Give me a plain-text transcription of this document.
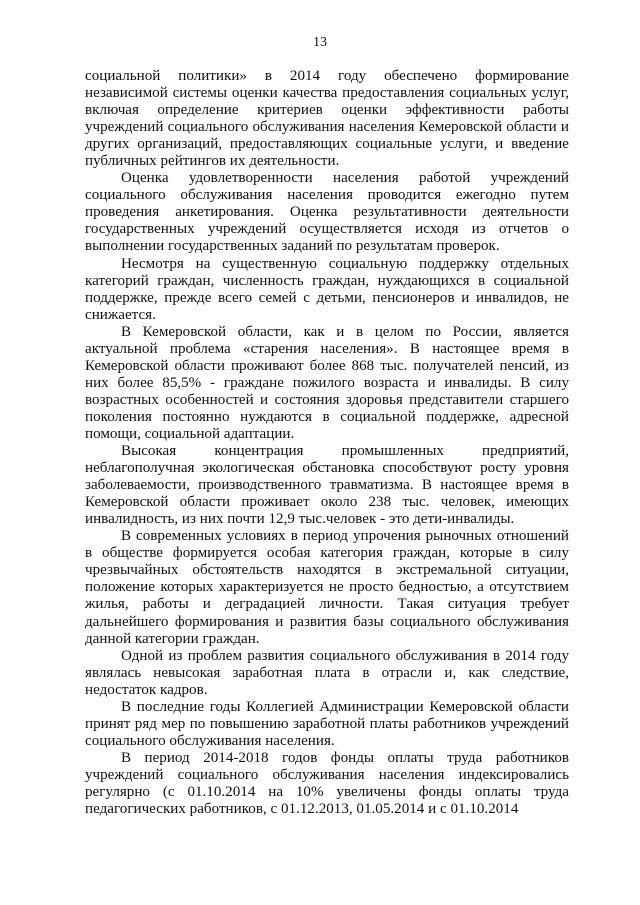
13

социальной политики» в 2014 году обеспечено формирование независимой системы оценки качества предоставления социальных услуг, включая определение критериев оценки эффективности работы учреждений социального обслуживания населения Кемеровской области и других организаций, предоставляющих социальные услуги, и введение публичных рейтингов их деятельности.

Оценка удовлетворенности населения работой учреждений социального обслуживания населения проводится ежегодно путем проведения анкетирования. Оценка результативности деятельности государственных учреждений осуществляется исходя из отчетов о выполнении государственных заданий по результатам проверок.

Несмотря на существенную социальную поддержку отдельных категорий граждан, численность граждан, нуждающихся в социальной поддержке, прежде всего семей с детьми, пенсионеров и инвалидов, не снижается.

В Кемеровской области, как и в целом по России, является актуальной проблема «старения населения». В настоящее время в Кемеровской области проживают более 868 тыс. получателей пенсий, из них более 85,5% - граждане пожилого возраста и инвалиды. В силу возрастных особенностей и состояния здоровья представители старшего поколения постоянно нуждаются в социальной поддержке, адресной помощи, социальной адаптации.

Высокая концентрация промышленных предприятий, неблагополучная экологическая обстановка способствуют росту уровня заболеваемости, производственного травматизма. В настоящее время в Кемеровской области проживает около 238 тыс. человек, имеющих инвалидность, из них почти 12,9 тыс.человек - это дети-инвалиды.

В современных условиях в период упрочения рыночных отношений в обществе формируется особая категория граждан, которые в силу чрезвычайных обстоятельств находятся в экстремальной ситуации, положение которых характеризуется не просто бедностью, а отсутствием жилья, работы и деградацией личности. Такая ситуация требует дальнейшего формирования и развития базы социального обслуживания данной категории граждан.

Одной из проблем развития социального обслуживания в 2014 году являлась невысокая заработная плата в отрасли и, как следствие, недостаток кадров.

В последние годы Коллегией Администрации Кемеровской области принят ряд мер по повышению заработной платы работников учреждений социального обслуживания населения.

В период 2014-2018 годов фонды оплаты труда работников учреждений социального обслуживания населения индексировались регулярно (с 01.10.2014 на 10% увеличены фонды оплаты труда педагогических работников, с 01.12.2013, 01.05.2014 и с 01.10.2014
